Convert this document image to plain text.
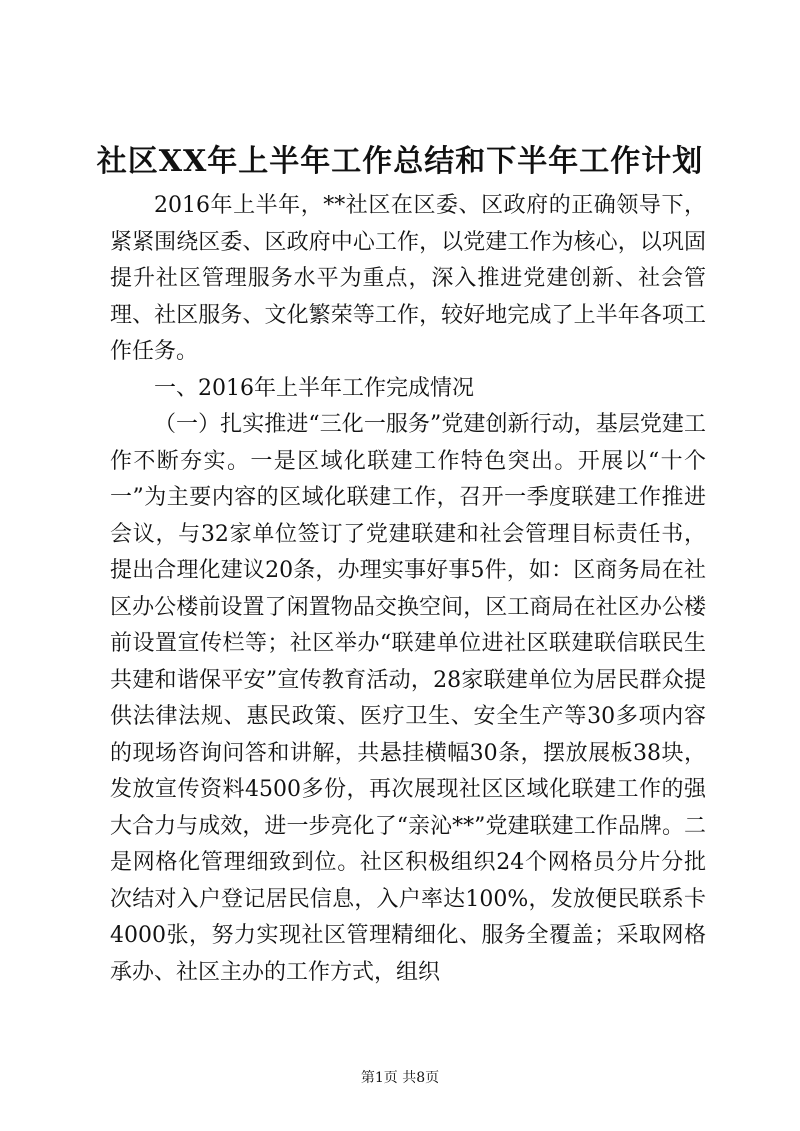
社区XX年上半年工作总结和下半年工作计划

2016年上半年，**社区在区委、区政府的正确领导下，紧紧围绕区委、区政府中心工作，以党建工作为核心，以巩固提升社区管理服务水平为重点，深入推进党建创新、社会管理、社区服务、文化繁荣等工作，较好地完成了上半年各项工作任务。

一、2016年上半年工作完成情况

（一）扎实推进“三化一服务”党建创新行动，基层党建工作不断夯实。一是区域化联建工作特色突出。开展以“十个一”为主要内容的区域化联建工作，召开一季度联建工作推进会议，与32家单位签订了党建联建和社会管理目标责任书，提出合理化建议20条，办理实事好事5件，如：区商务局在社区办公楼前设置了闲置物品交换空间，区工商局在社区办公楼前设置宣传栏等；社区举办“联建单位进社区联建联信联民生共建和谐保平安”宣传教育活动，28家联建单位为居民群众提供法律法规、惠民政策、医疗卫生、安全生产等30多项内容的现场咨询问答和讲解，共悬挂横幅30条，摆放展板38块，发放宣传资料4500多份，再次展现社区区域化联建工作的强大合力与成效，进一步亮化了“亲沁**”党建联建工作品牌。二是网格化管理细致到位。社区积极组织24个网格员分片分批次结对入户登记居民信息，入户率达100%，发放便民联系卡4000张，努力实现社区管理精细化、服务全覆盖；采取网格承办、社区主办的工作方式，组织

第1页 共8页
